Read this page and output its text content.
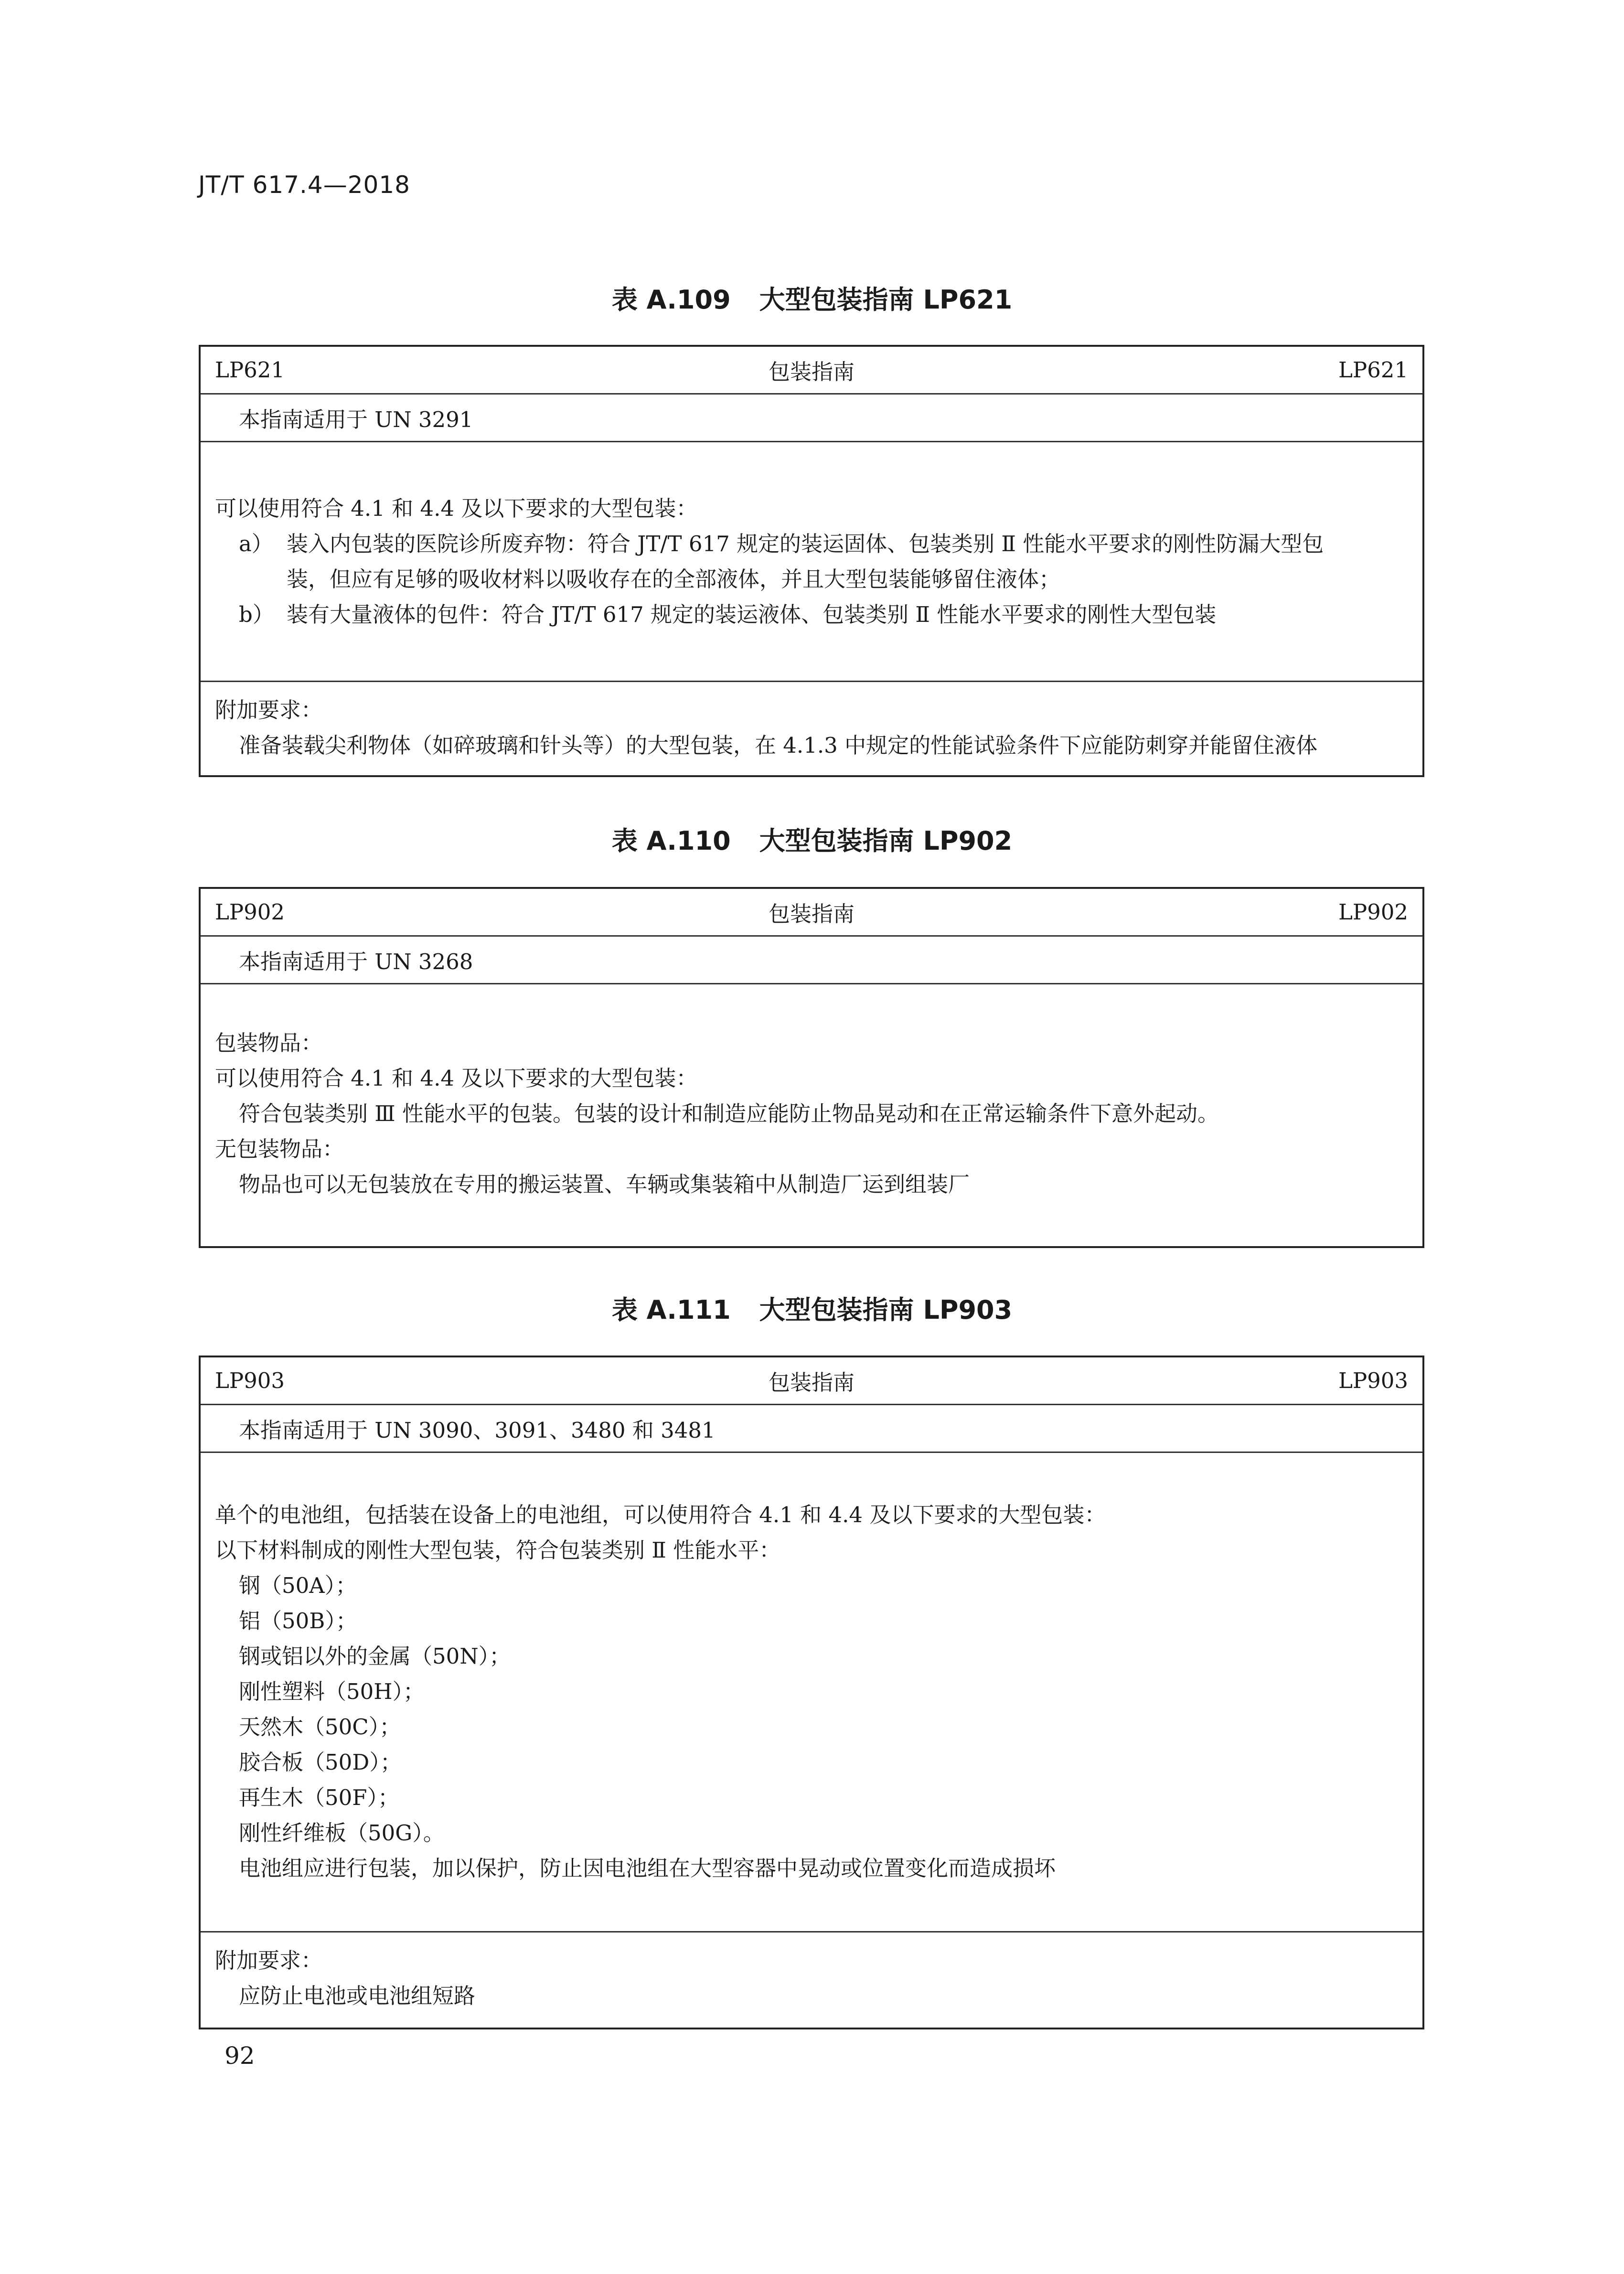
JT/T 617.4—2018
表 A.109 大型包装指南 LP621
LP621	包装指南	LP621
本指南适用于 UN 3291
可以使用符合 4.1 和 4.4 及以下要求的大型包装：
a） 装入内包装的医院诊所废弃物：符合 JT/T 617 规定的装运固体、包装类别 Ⅱ 性能水平要求的刚性防漏大型包
装，但应有足够的吸收材料以吸收存在的全部液体，并且大型包装能够留住液体；
b） 装有大量液体的包件：符合 JT/T 617 规定的装运液体、包装类别 Ⅱ 性能水平要求的刚性大型包装
附加要求：
准备装载尖利物体（如碎玻璃和针头等）的大型包装，在 4.1.3 中规定的性能试验条件下应能防刺穿并能留住液体
表 A.110 大型包装指南 LP902
LP902	包装指南	LP902
本指南适用于 UN 3268
包装物品：
可以使用符合 4.1 和 4.4 及以下要求的大型包装：
符合包装类别 Ⅲ 性能水平的包装。包装的设计和制造应能防止物品晃动和在正常运输条件下意外起动。
无包装物品：
物品也可以无包装放在专用的搬运装置、车辆或集装箱中从制造厂运到组装厂
表 A.111 大型包装指南 LP903
LP903	包装指南	LP903
本指南适用于 UN 3090、3091、3480 和 3481
单个的电池组，包括装在设备上的电池组，可以使用符合 4.1 和 4.4 及以下要求的大型包装：
以下材料制成的刚性大型包装，符合包装类别 Ⅱ 性能水平：
钢（50A）；
铝（50B）；
钢或铝以外的金属（50N）；
刚性塑料（50H）；
天然木（50C）；
胶合板（50D）；
再生木（50F）；
刚性纤维板（50G）。
电池组应进行包装，加以保护，防止因电池组在大型容器中晃动或位置变化而造成损坏
附加要求：
应防止电池或电池组短路
92
